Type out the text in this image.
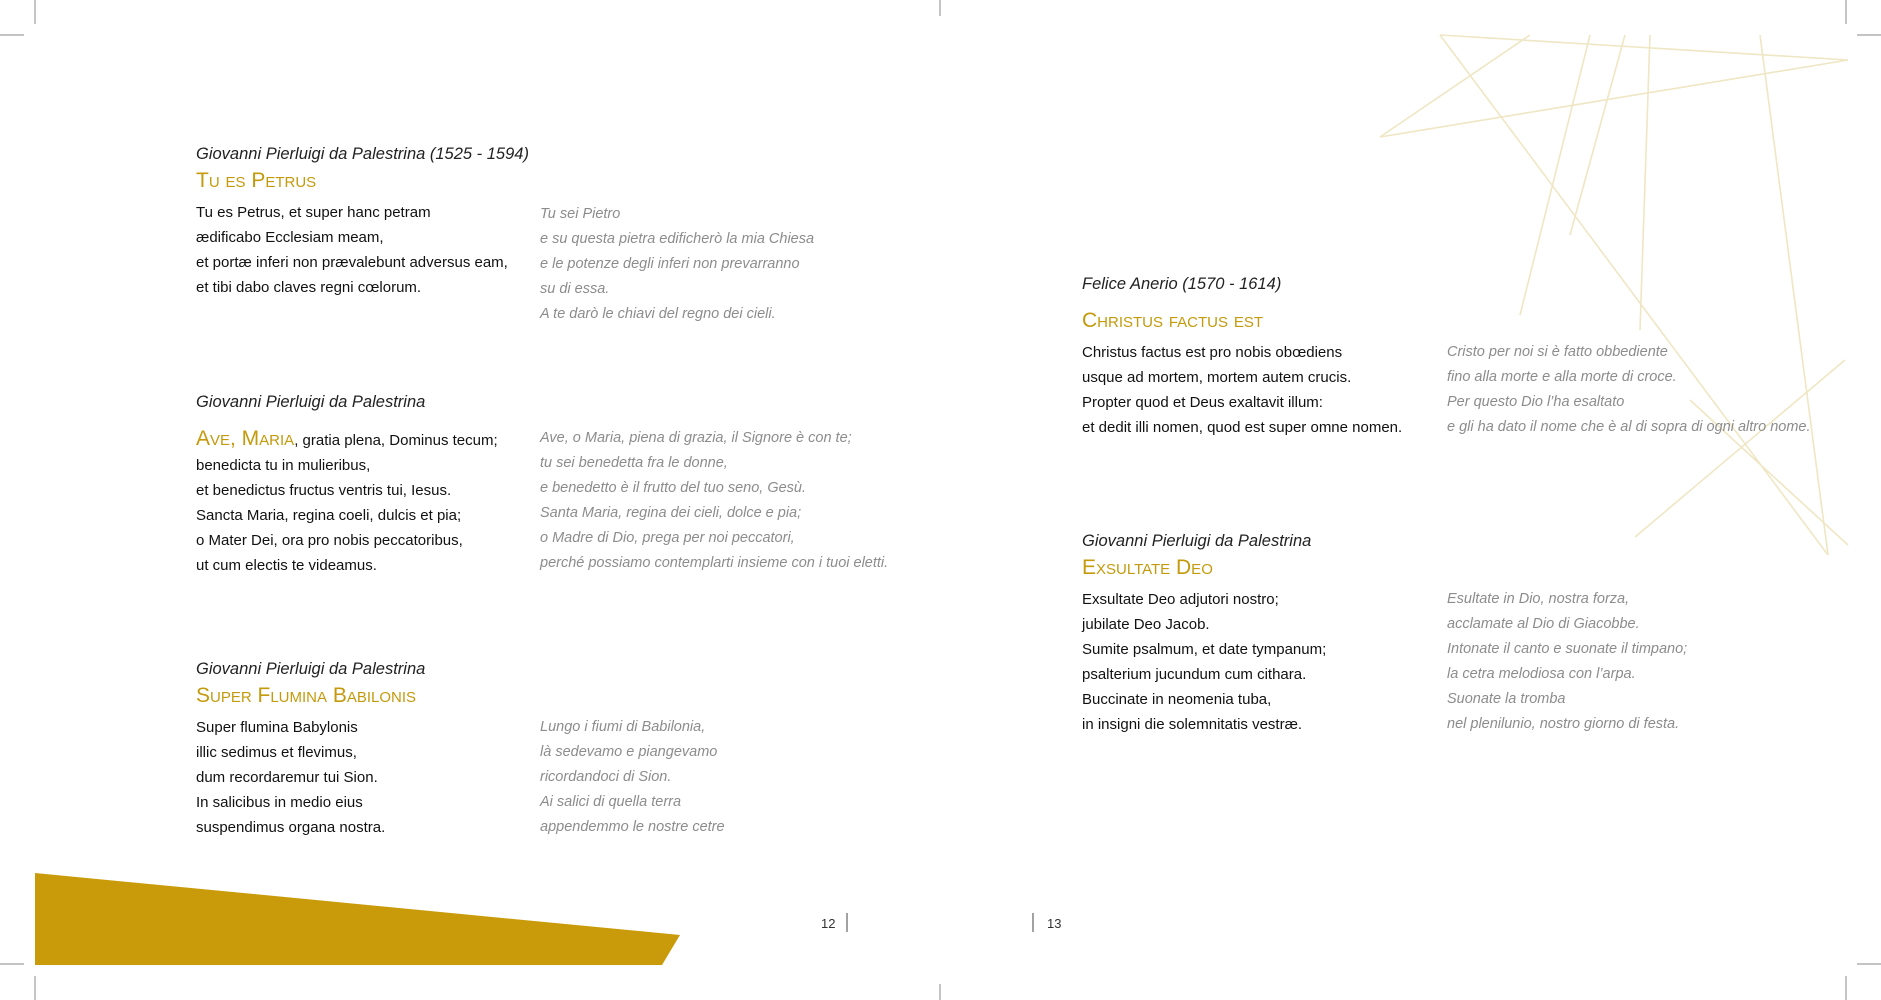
12	13

Giovanni Pierluigi da Palestrina (1525 - 1594)

Tu es Petrus
Tu es Petrus, et super hanc petram
ædificabo Ecclesiam meam,
et portæ inferi non prævalebunt adversus eam,
et tibi dabo claves regni cœlorum.
Tu sei Pietro
e su questa pietra edificherò la mia Chiesa
e le potenze degli inferi non prevarranno
su di essa.
A te darò le chiavi del regno dei cieli.

Giovanni Pierluigi da Palestrina

Ave, Maria, gratia plena, Dominus tecum;
benedicta tu in mulieribus,
et benedictus fructus ventris tui, Iesus.
Sancta Maria, regina coeli, dulcis et pia;
o Mater Dei, ora pro nobis peccatoribus,
ut cum electis te videamus.
Ave, o Maria, piena di grazia, il Signore è con te;
tu sei benedetta fra le donne,
e benedetto è il frutto del tuo seno, Gesù.
Santa Maria, regina dei cieli, dolce e pia;
o Madre di Dio, prega per noi peccatori,
perché possiamo contemplarti insieme con i tuoi eletti.

Giovanni Pierluigi da Palestrina

Super Flumina Babilonis
Super flumina Babylonis
illic sedimus et flevimus,
dum recordaremur tui Sion.
In salicibus in medio eius
suspendimus organa nostra.
Lungo i fiumi di Babilonia,
là sedevamo e piangevamo
ricordandoci di Sion.
Ai salici di quella terra
appendemmo le nostre cetre

Felice Anerio (1570 - 1614)

Christus factus est
Christus factus est pro nobis obœdiens
usque ad mortem, mortem autem crucis.
Propter quod et Deus exaltavit illum:
et dedit illi nomen, quod est super omne nomen.
Cristo per noi si è fatto obbediente
fino alla morte e alla morte di croce.
Per questo Dio l’ha esaltato
e gli ha dato il nome che è al di sopra di ogni altro nome.

Giovanni Pierluigi da Palestrina

Exsultate Deo
Exsultate Deo adjutori nostro;
jubilate Deo Jacob.
Sumite psalmum, et date tympanum;
psalterium jucundum cum cithara.
Buccinate in neomenia tuba,
in insigni die solemnitatis vestræ.
Esultate in Dio, nostra forza,
acclamate al Dio di Giacobbe.
Intonate il canto e suonate il timpano;
la cetra melodiosa con l’arpa.
Suonate la tromba
nel plenilunio, nostro giorno di festa.
